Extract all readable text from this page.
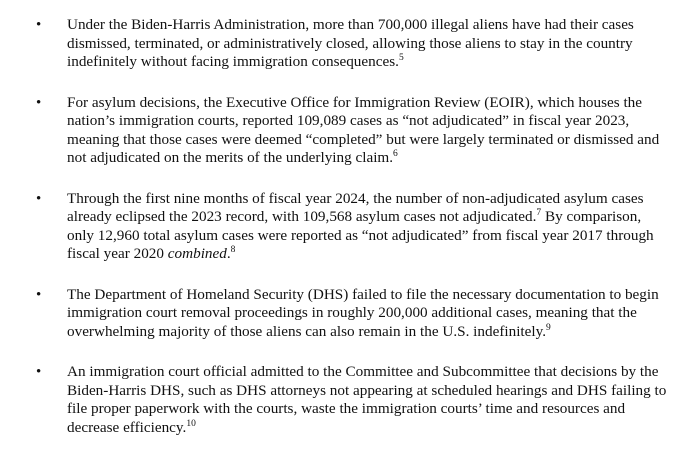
• Under the Biden-Harris Administration, more than 700,000 illegal aliens have had their cases dismissed, terminated, or administratively closed, allowing those aliens to stay in the country indefinitely without facing immigration consequences.$^5$
• For asylum decisions, the Executive Office for Immigration Review (EOIR), which houses the nation’s immigration courts, reported 109,089 cases as “not adjudicated” in fiscal year 2023, meaning that those cases were deemed “completed” but were largely terminated or dismissed and not adjudicated on the merits of the underlying claim.$^6$
• Through the first nine months of fiscal year 2024, the number of non-adjudicated asylum cases already eclipsed the 2023 record, with 109,568 asylum cases not adjudicated.$^7$ By comparison, only 12,960 total asylum cases were reported as “not adjudicated” from fiscal year 2017 through fiscal year 2020 combined.$^8$
• The Department of Homeland Security (DHS) failed to file the necessary documentation to begin immigration court removal proceedings in roughly 200,000 additional cases, meaning that the overwhelming majority of those aliens can also remain in the U.S. indefinitely.$^9$
• An immigration court official admitted to the Committee and Subcommittee that decisions by the Biden-Harris DHS, such as DHS attorneys not appearing at scheduled hearings and DHS failing to file proper paperwork with the courts, waste the immigration courts’ time and resources and decrease efficiency.$^{10}$
